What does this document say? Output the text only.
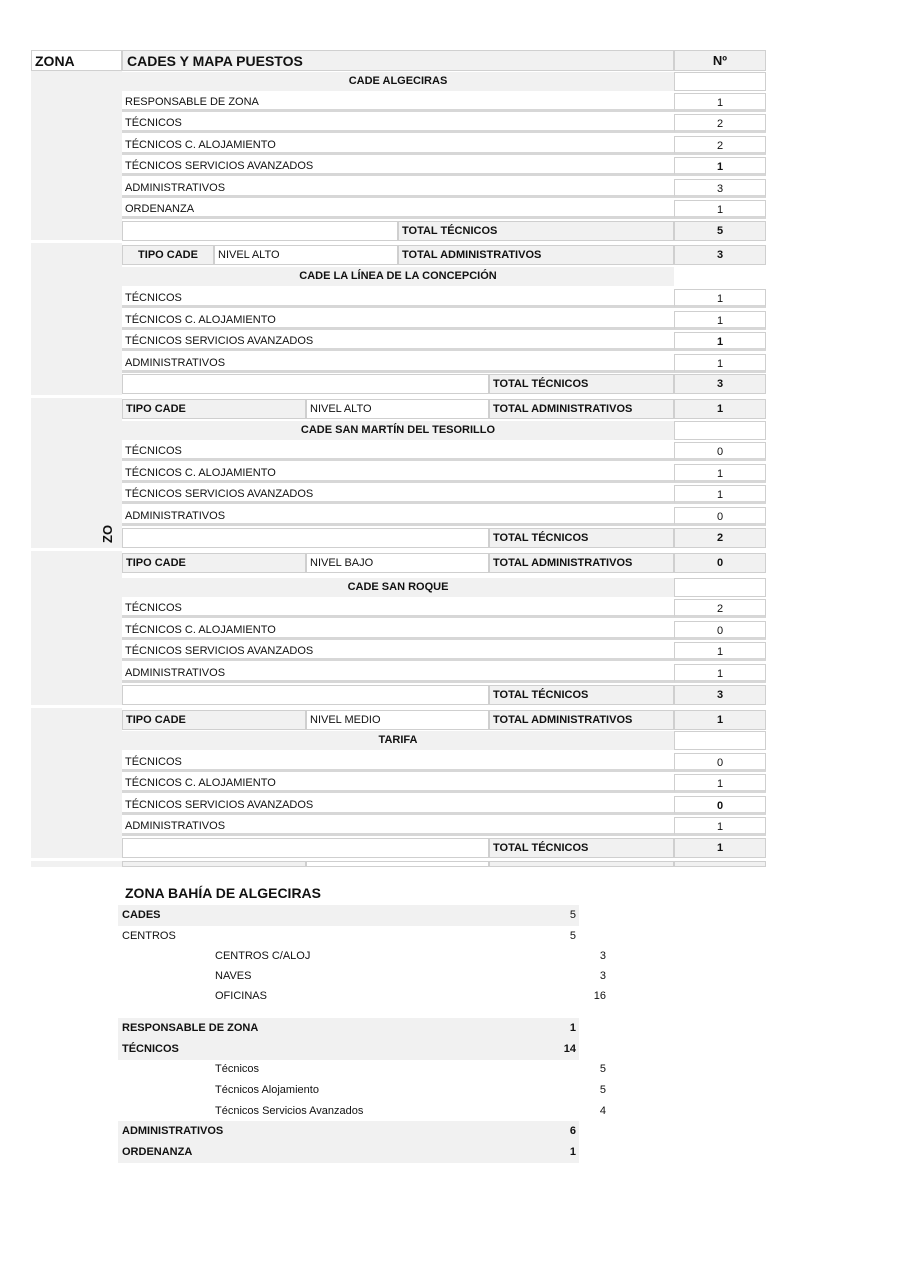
ZONA	CADES Y MAPA PUESTOS	Nº
ZO
CADE ALGECIRAS
RESPONSABLE DE ZONA	1
TÉCNICOS	2
TÉCNICOS C. ALOJAMIENTO	2
TÉCNICOS SERVICIOS AVANZADOS	1
ADMINISTRATIVOS	3
ORDENANZA	1
TOTAL TÉCNICOS	5
TIPO CADE	NIVEL ALTO	TOTAL ADMINISTRATIVOS	3
CADE LA LÍNEA DE LA CONCEPCIÓN
TÉCNICOS	1
TÉCNICOS C. ALOJAMIENTO	1
TÉCNICOS SERVICIOS AVANZADOS	1
ADMINISTRATIVOS	1
TOTAL TÉCNICOS	3
TIPO CADE	NIVEL ALTO	TOTAL ADMINISTRATIVOS	1
CADE SAN MARTÍN DEL TESORILLO
TÉCNICOS	0
TÉCNICOS C. ALOJAMIENTO	1
TÉCNICOS SERVICIOS AVANZADOS	1
ADMINISTRATIVOS	0
TOTAL TÉCNICOS	2
TIPO CADE	NIVEL BAJO	TOTAL ADMINISTRATIVOS	0
CADE SAN ROQUE
TÉCNICOS	2
TÉCNICOS C. ALOJAMIENTO	0
TÉCNICOS SERVICIOS AVANZADOS	1
ADMINISTRATIVOS	1
TOTAL TÉCNICOS	3
TIPO CADE	NIVEL MEDIO	TOTAL ADMINISTRATIVOS	1
TARIFA
TÉCNICOS	0
TÉCNICOS C. ALOJAMIENTO	1
TÉCNICOS SERVICIOS AVANZADOS	0
ADMINISTRATIVOS	1
TOTAL TÉCNICOS	1
ZONA BAHÍA DE ALGECIRAS
CADES	5
CENTROS	5
CENTROS C/ALOJ	3
NAVES	3
OFICINAS	16
RESPONSABLE DE ZONA	1
TÉCNICOS	14
Técnicos	5
Técnicos Alojamiento	5
Técnicos Servicios Avanzados	4
ADMINISTRATIVOS	6
ORDENANZA	1
